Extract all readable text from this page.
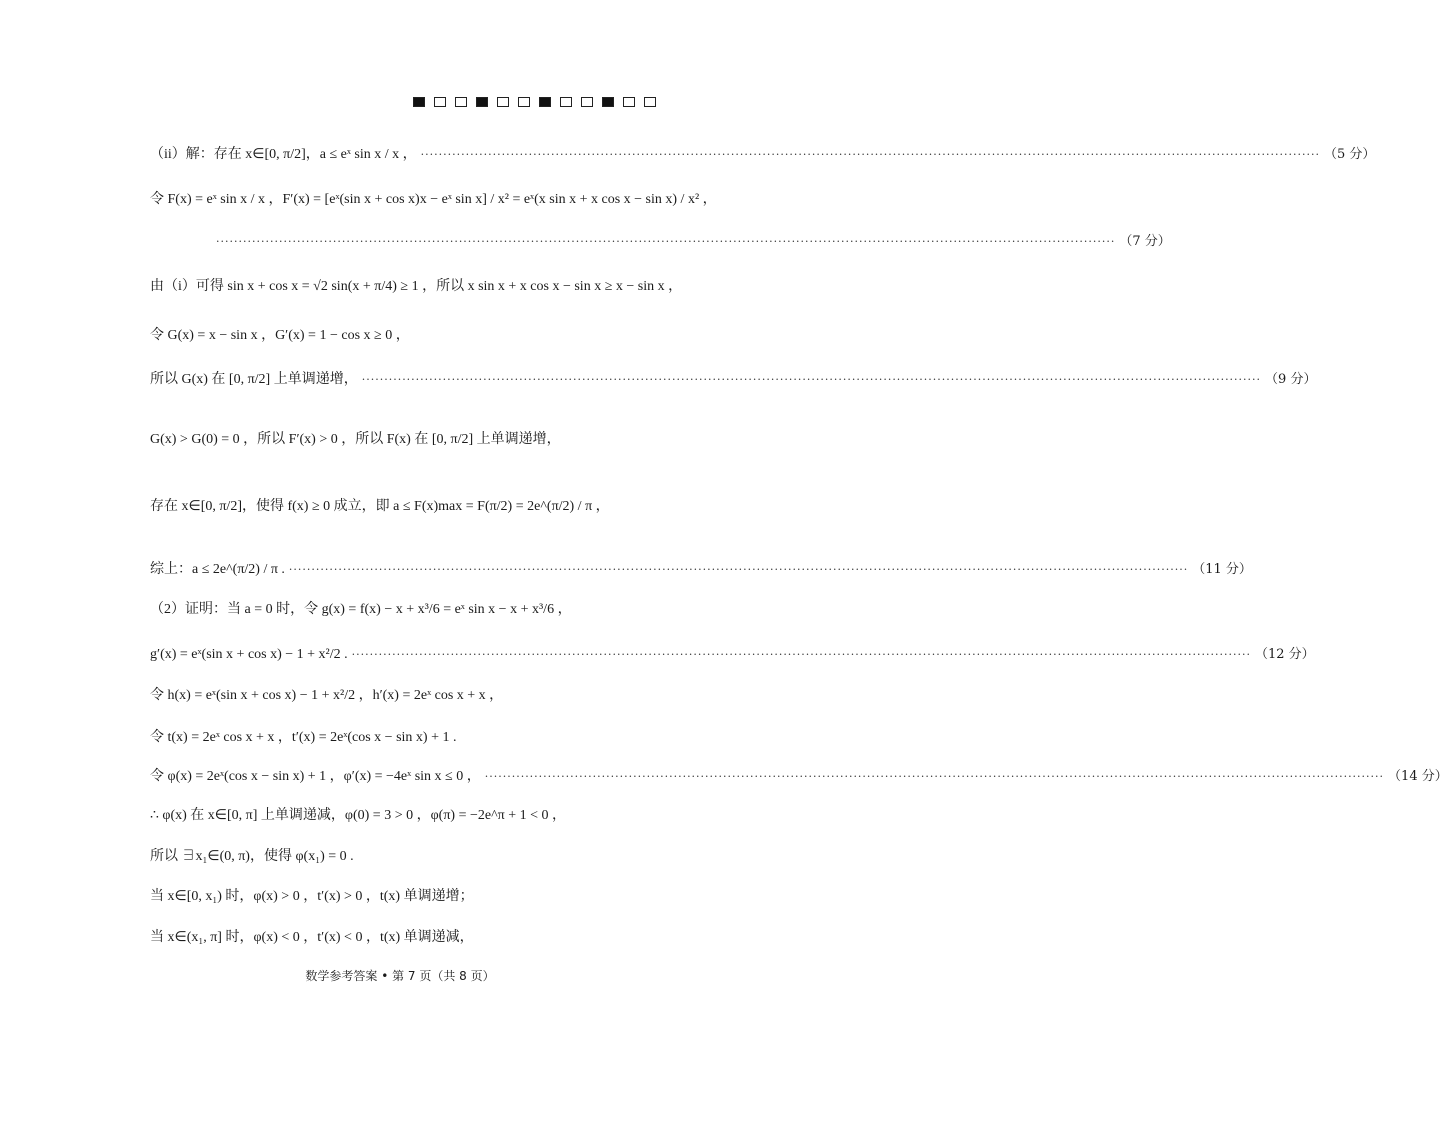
（ii）解：存在 x∈[0, π/2]，a ≤ eˣ sin x / x ， ········································································································································································································ （5 分）
令 F(x) = eˣ sin x / x ，F′(x) = [eˣ(sin x + cos x)x − eˣ sin x] / x² = eˣ(x sin x + x cos x − sin x) / x² ，
········································································································································································································ （7 分）
由（i）可得 sin x + cos x = √2 sin(x + π/4) ≥ 1 ，所以 x sin x + x cos x − sin x ≥ x − sin x ，
令 G(x) = x − sin x ，G′(x) = 1 − cos x ≥ 0 ，
所以 G(x) 在 [0, π/2] 上单调递增， ········································································································································································································ （9 分）
G(x) > G(0) = 0 ，所以 F′(x) > 0 ，所以 F(x) 在 [0, π/2] 上单调递增，
存在 x∈[0, π/2]，使得 f(x) ≥ 0 成立，即 a ≤ F(x)max = F(π/2) = 2e^(π/2) / π ，
综上：a ≤ 2e^(π/2) / π . ········································································································································································································ （11 分）
（2）证明：当 a = 0 时，令 g(x) = f(x) − x + x³/6 = eˣ sin x − x + x³/6 ，
g′(x) = eˣ(sin x + cos x) − 1 + x²/2 . ········································································································································································································ （12 分）
令 h(x) = eˣ(sin x + cos x) − 1 + x²/2 ，h′(x) = 2eˣ cos x + x ，
令 t(x) = 2eˣ cos x + x ，t′(x) = 2eˣ(cos x − sin x) + 1 .
令 φ(x) = 2eˣ(cos x − sin x) + 1 ，φ′(x) = −4eˣ sin x ≤ 0 ， ········································································································································································································ （14 分）
∴ φ(x) 在 x∈[0, π] 上单调递减，φ(0) = 3 > 0 ，φ(π) = −2e^π + 1 < 0 ，
所以 ∃x₁∈(0, π)，使得 φ(x₁) = 0 .
当 x∈[0, x₁) 时，φ(x) > 0 ，t′(x) > 0 ，t(x) 单调递增；
当 x∈(x₁, π] 时，φ(x) < 0 ，t′(x) < 0 ，t(x) 单调递减，
数学参考答案 • 第 7 页（共 8 页）
